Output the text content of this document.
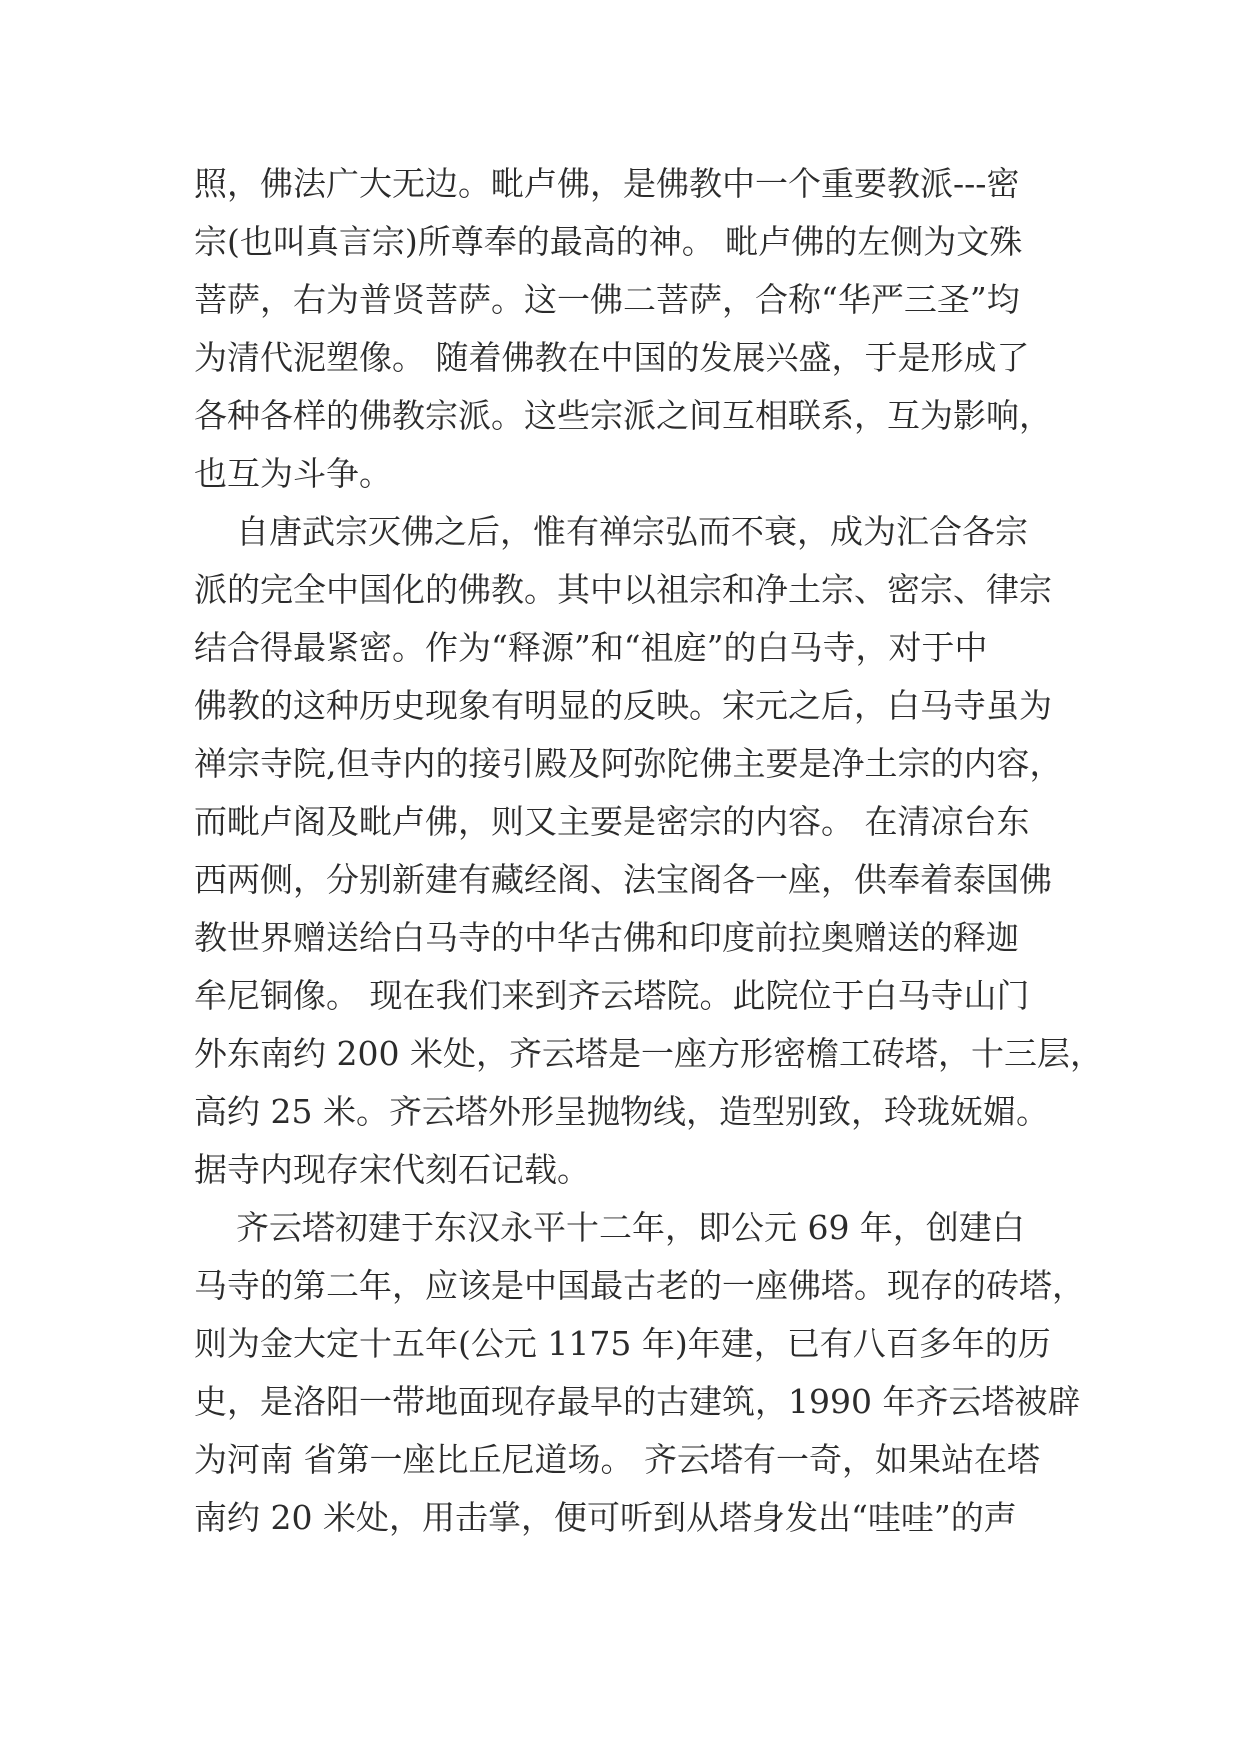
照，佛法广大无边。毗卢佛，是佛教中一个重要教派---密
宗(也叫真言宗)所尊奉的最高的神。 毗卢佛的左侧为文殊
菩萨，右为普贤菩萨。这一佛二菩萨，合称“华严三圣”均
为清代泥塑像。 随着佛教在中国的发展兴盛，于是形成了
各种各样的佛教宗派。这些宗派之间互相联系，互为影响，
也互为斗争。
自唐武宗灭佛之后，惟有禅宗弘而不衰，成为汇合各宗
派的完全中国化的佛教。其中以祖宗和净土宗、密宗、律宗
结合得最紧密。作为“释源”和“祖庭”的白马寺，对于中
佛教的这种历史现象有明显的反映。宋元之后，白马寺虽为
禅宗寺院,但寺内的接引殿及阿弥陀佛主要是净土宗的内容，
而毗卢阁及毗卢佛，则又主要是密宗的内容。 在清凉台东
西两侧，分别新建有藏经阁、法宝阁各一座，供奉着泰国佛
教世界赠送给白马寺的中华古佛和印度前拉奥赠送的释迦
牟尼铜像。 现在我们来到齐云塔院。此院位于白马寺山门
外东南约 200 米处，齐云塔是一座方形密檐工砖塔，十三层，
高约 25 米。齐云塔外形呈抛物线，造型别致，玲珑妩媚。
据寺内现存宋代刻石记载。
齐云塔初建于东汉永平十二年，即公元 69 年，创建白
马寺的第二年，应该是中国最古老的一座佛塔。现存的砖塔，
则为金大定十五年(公元 1175 年)年建，已有八百多年的历
史，是洛阳一带地面现存最早的古建筑，1990 年齐云塔被辟
为河南 省第一座比丘尼道场。 齐云塔有一奇，如果站在塔
南约 20 米处，用击掌，便可听到从塔身发出“哇哇”的声
